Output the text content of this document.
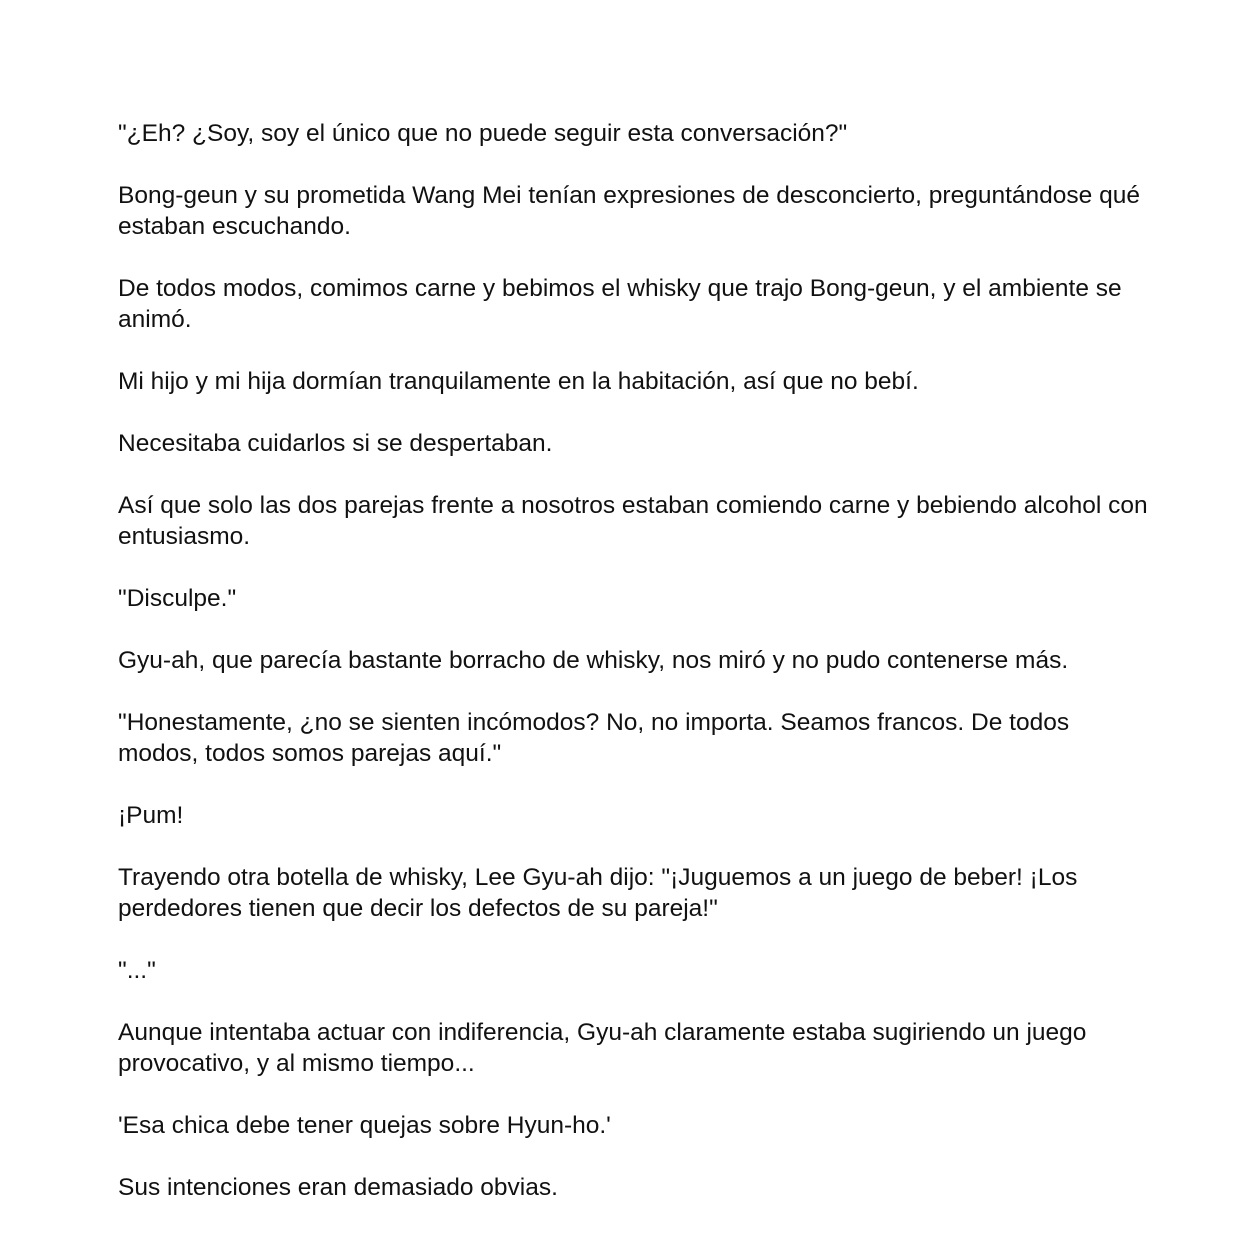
"¿Eh? ¿Soy, soy el único que no puede seguir esta conversación?"

Bong-geun y su prometida Wang Mei tenían expresiones de desconcierto, preguntándose qué estaban escuchando.

De todos modos, comimos carne y bebimos el whisky que trajo Bong-geun, y el ambiente se animó.

Mi hijo y mi hija dormían tranquilamente en la habitación, así que no bebí.

Necesitaba cuidarlos si se despertaban.

Así que solo las dos parejas frente a nosotros estaban comiendo carne y bebiendo alcohol con entusiasmo.

"Disculpe."

Gyu-ah, que parecía bastante borracho de whisky, nos miró y no pudo contenerse más.

"Honestamente, ¿no se sienten incómodos? No, no importa. Seamos francos. De todos modos, todos somos parejas aquí."

¡Pum!

Trayendo otra botella de whisky, Lee Gyu-ah dijo: "¡Juguemos a un juego de beber! ¡Los perdedores tienen que decir los defectos de su pareja!"

"..."

Aunque intentaba actuar con indiferencia, Gyu-ah claramente estaba sugiriendo un juego provocativo, y al mismo tiempo...

'Esa chica debe tener quejas sobre Hyun-ho.'

Sus intenciones eran demasiado obvias.
